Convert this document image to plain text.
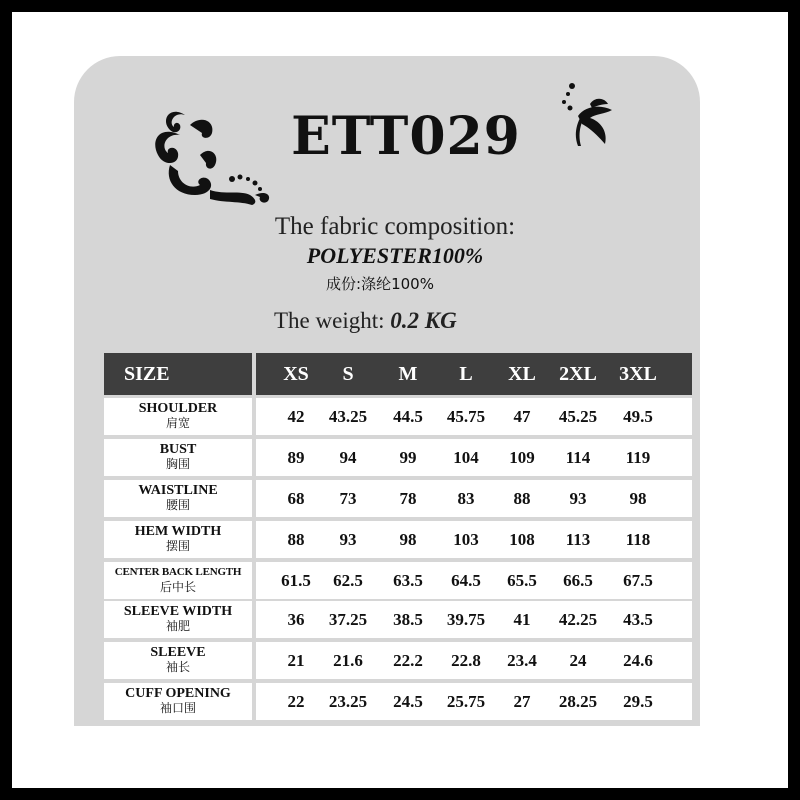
ETT029
The fabric composition:
POLYESTER100%
成份:涤纶100%
The weight: 0.2 KG
SIZE	XS	S	M	L	XL	2XL	3XL
SHOULDER
肩宽	42	43.25	44.5	45.75	47	45.25	49.5
BUST
胸围	89	94	99	104	109	114	119
WAISTLINE
腰围	68	73	78	83	88	93	98
HEM WIDTH
摆围	88	93	98	103	108	113	118
CENTER BACK LENGTH
后中长	61.5	62.5	63.5	64.5	65.5	66.5	67.5
SLEEVE WIDTH
袖肥	36	37.25	38.5	39.75	41	42.25	43.5
SLEEVE
袖长	21	21.6	22.2	22.8	23.4	24	24.6
CUFF OPENING
袖口围	22	23.25	24.5	25.75	27	28.25	29.5
